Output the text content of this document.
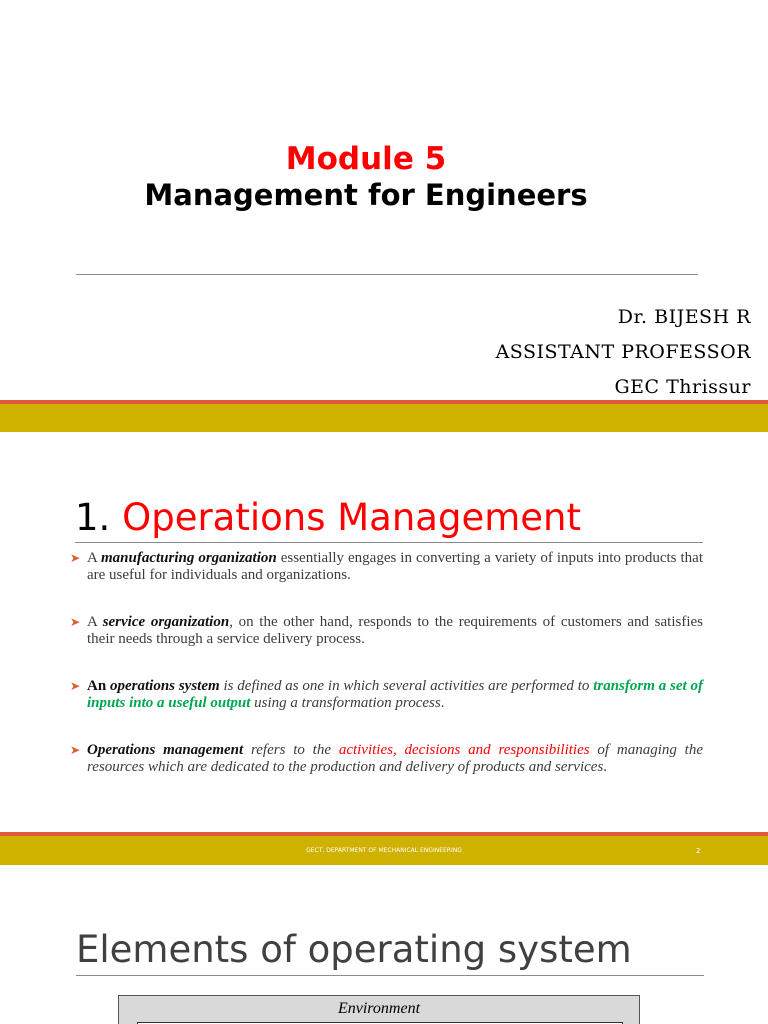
Module 5
Management for Engineers
Dr. BIJESH R
ASSISTANT PROFESSOR
GEC Thrissur
1. Operations Management
➤ A manufacturing organization essentially engages in converting a variety of inputs into products that are useful for individuals and organizations.
➤ A service organization, on the other hand, responds to the requirements of customers and satisfies their needs through a service delivery process.
➤ An operations system is defined as one in which several activities are performed to transform a set of inputs into a useful output using a transformation process.
➤ Operations management refers to the activities, decisions and responsibilities of managing the resources which are dedicated to the production and delivery of products and services.
GECT, DEPARTMENT OF MECHANICAL ENGINEERING	2
Elements of operating system
Environment
